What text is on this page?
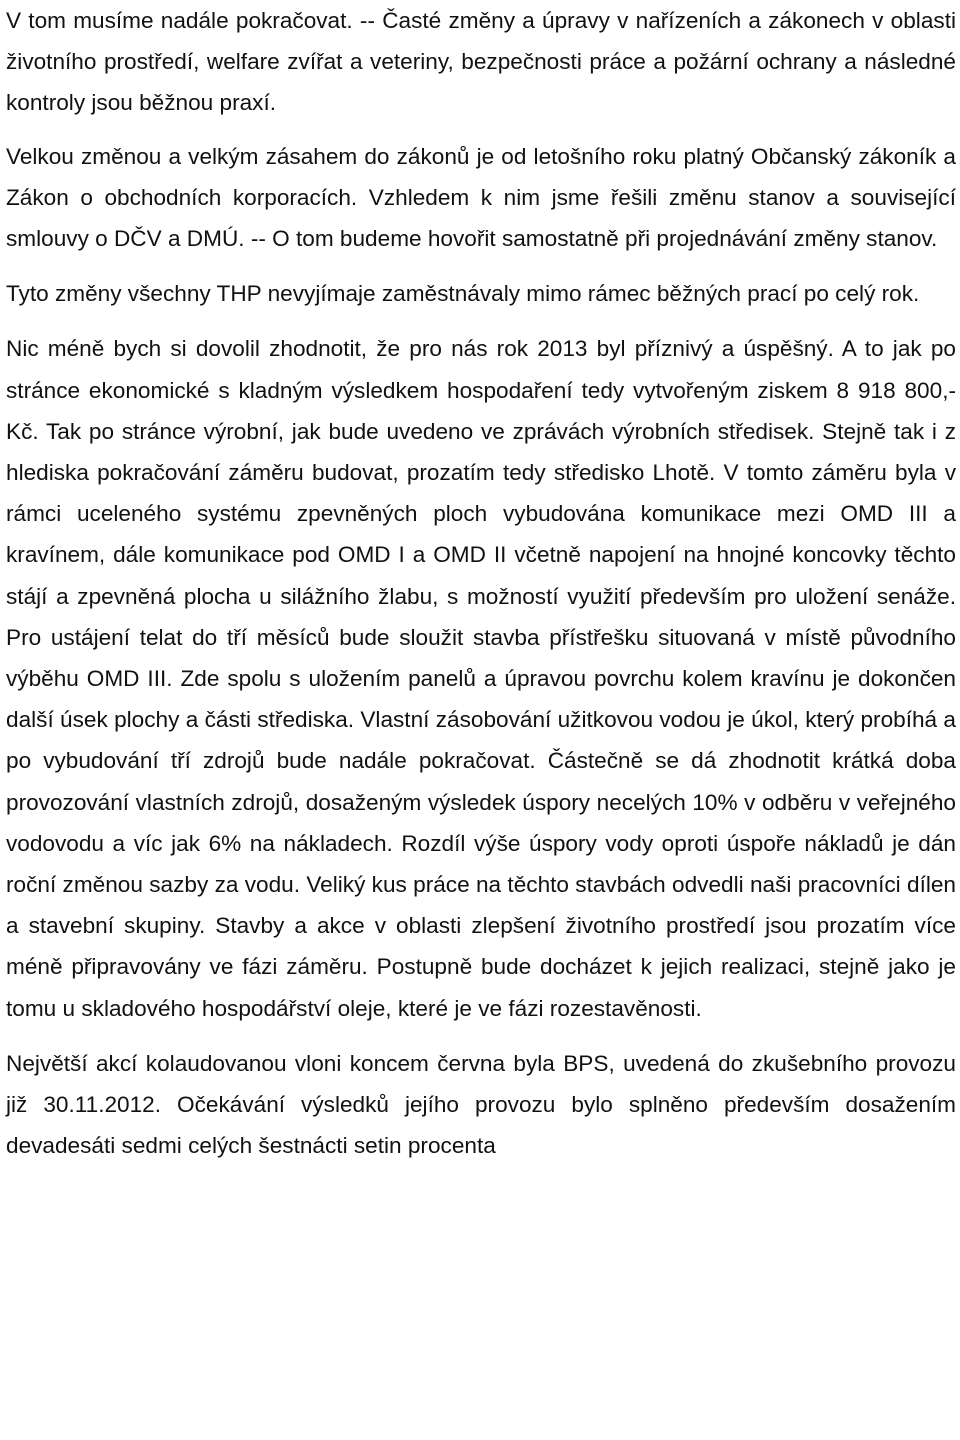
V tom musíme nadále pokračovat. -- Časté změny a úpravy v nařízeních a zákonech v oblasti životního prostředí, welfare zvířat a veteriny, bezpečnosti práce a požární ochrany a následné kontroly jsou běžnou praxí.

Velkou změnou a velkým zásahem do zákonů je od letošního roku platný Občanský zákoník a Zákon o obchodních korporacích. Vzhledem k nim jsme řešili změnu stanov a související smlouvy o DČV a DMÚ. -- O tom budeme hovořit samostatně při projednávání změny stanov.

Tyto změny všechny THP nevyjímaje zaměstnávaly mimo rámec běžných prací po celý rok.

Nic méně bych si dovolil zhodnotit, že pro nás rok 2013 byl příznivý a úspěšný. A to jak po stránce ekonomické s kladným výsledkem hospodaření tedy vytvořeným ziskem 8 918 800,- Kč. Tak po stránce výrobní, jak bude uvedeno ve zprávách výrobních středisek. Stejně tak i z hlediska pokračování záměru budovat, prozatím tedy středisko Lhotě. V tomto záměru byla v rámci uceleného systému zpevněných ploch vybudována komunikace mezi OMD III a kravínem, dále komunikace pod OMD I a OMD II včetně napojení na hnojné koncovky těchto stájí a zpevněná plocha u silážního žlabu, s možností využití především pro uložení senáže. Pro ustájení telat do tří měsíců bude sloužit stavba přístřešku situovaná v místě původního výběhu OMD III. Zde spolu s uložením panelů a úpravou povrchu kolem kravínu je dokončen další úsek plochy a části střediska. Vlastní zásobování užitkovou vodou je úkol, který probíhá a po vybudování tří zdrojů bude nadále pokračovat. Částečně se dá zhodnotit krátká doba provozování vlastních zdrojů, dosaženým výsledek úspory necelých 10% v odběru v veřejného vodovodu a víc jak 6% na nákladech. Rozdíl výše úspory vody oproti úspoře nákladů je dán roční změnou sazby za vodu. Veliký kus práce na těchto stavbách odvedli naši pracovníci dílen a stavební skupiny. Stavby a akce v oblasti zlepšení životního prostředí jsou prozatím více méně připravovány ve fázi záměru. Postupně bude docházet k jejich realizaci, stejně jako je tomu u skladového hospodářství oleje, které je ve fázi rozestavěnosti.

Největší akcí kolaudovanou vloni koncem června byla BPS, uvedená do zkušebního provozu již 30.11.2012. Očekávání výsledků jejího provozu bylo splněno především dosažením devadesáti sedmi celých šestnácti setin procenta
